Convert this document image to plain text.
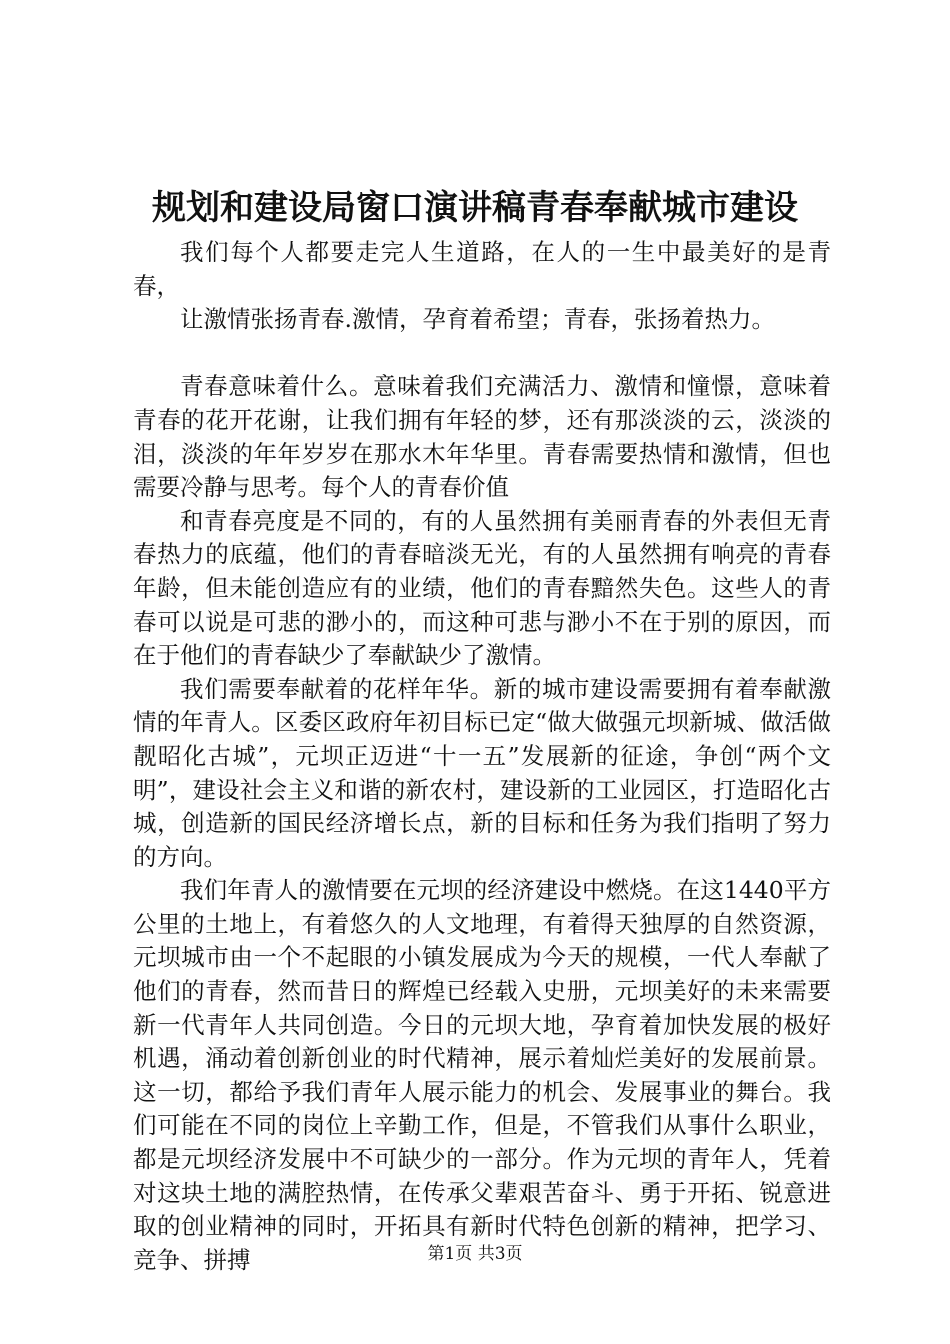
规划和建设局窗口演讲稿青春奉献城市建设

我们每个人都要走完人生道路，在人的一生中最美好的是青春，

让激情张扬青春.激情，孕育着希望；青春，张扬着热力。

青春意味着什么。意味着我们充满活力、激情和憧憬，意味着青春的花开花谢，让我们拥有年轻的梦，还有那淡淡的云，淡淡的泪，淡淡的年年岁岁在那水木年华里。青春需要热情和激情，但也需要冷静与思考。每个人的青春价值

和青春亮度是不同的，有的人虽然拥有美丽青春的外表但无青春热力的底蕴，他们的青春暗淡无光，有的人虽然拥有响亮的青春年龄，但未能创造应有的业绩，他们的青春黯然失色。这些人的青春可以说是可悲的渺小的，而这种可悲与渺小不在于别的原因，而在于他们的青春缺少了奉献缺少了激情。

我们需要奉献着的花样年华。新的城市建设需要拥有着奉献激情的年青人。区委区政府年初目标已定“做大做强元坝新城、做活做靓昭化古城”，元坝正迈进“十一五”发展新的征途，争创“两个文明”，建设社会主义和谐的新农村，建设新的工业园区，打造昭化古城，创造新的国民经济增长点，新的目标和任务为我们指明了努力的方向。

我们年青人的激情要在元坝的经济建设中燃烧。在这1440平方公里的土地上，有着悠久的人文地理，有着得天独厚的自然资源，元坝城市由一个不起眼的小镇发展成为今天的规模，一代人奉献了他们的青春，然而昔日的辉煌已经载入史册，元坝美好的未来需要新一代青年人共同创造。今日的元坝大地，孕育着加快发展的极好机遇，涌动着创新创业的时代精神，展示着灿烂美好的发展前景。这一切，都给予我们青年人展示能力的机会、发展事业的舞台。我们可能在不同的岗位上辛勤工作，但是，不管我们从事什么职业，都是元坝经济发展中不可缺少的一部分。作为元坝的青年人，凭着对这块土地的满腔热情，在传承父辈艰苦奋斗、勇于开拓、锐意进取的创业精神的同时，开拓具有新时代特色创新的精神，把学习、竞争、拼搏	第1页 共3页
